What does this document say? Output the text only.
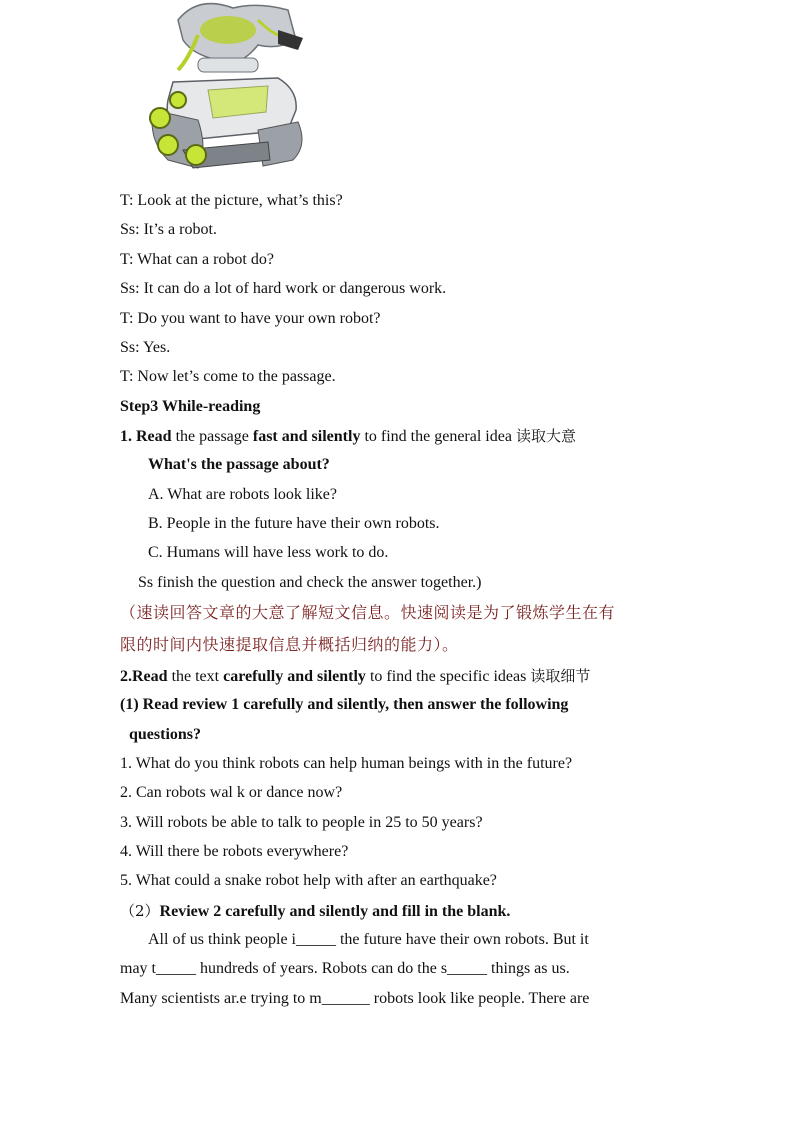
T: Look at the picture, what’s this?
Ss: It’s a robot.
T: What can a robot do?
Ss: It can do a lot of hard work or dangerous work.
T: Do you want to have your own robot?
Ss: Yes.
T: Now let’s come to the passage.
Step3 While-reading
1. Read the passage fast and silently to find the general idea 读取大意
What's the passage about?
A. What are robots look like?
B. People in the future have their own robots.
C. Humans will have less work to do.
Ss finish the question and check the answer together.)
（速读回答文章的大意了解短文信息。快速阅读是为了锻炼学生在有
限的时间内快速提取信息并概括归纳的能力）。
2.Read the text carefully and silently to find the specific ideas 读取细节
(1) Read review 1 carefully and silently, then answer the following
questions?
1. What do you think robots can help human beings with in the future?
2. Can robots wal k or dance now?
3. Will robots be able to talk to people in 25 to 50 years?
4. Will there be robots everywhere?
5. What could a snake robot help with after an earthquake?
（2）Review 2 carefully and silently and fill in the blank.
All of us think people i_____ the future have their own robots. But it
may t_____ hundreds of years. Robots can do the s_____ things as us.
Many scientists ar.e trying to m______ robots look like people. There are
